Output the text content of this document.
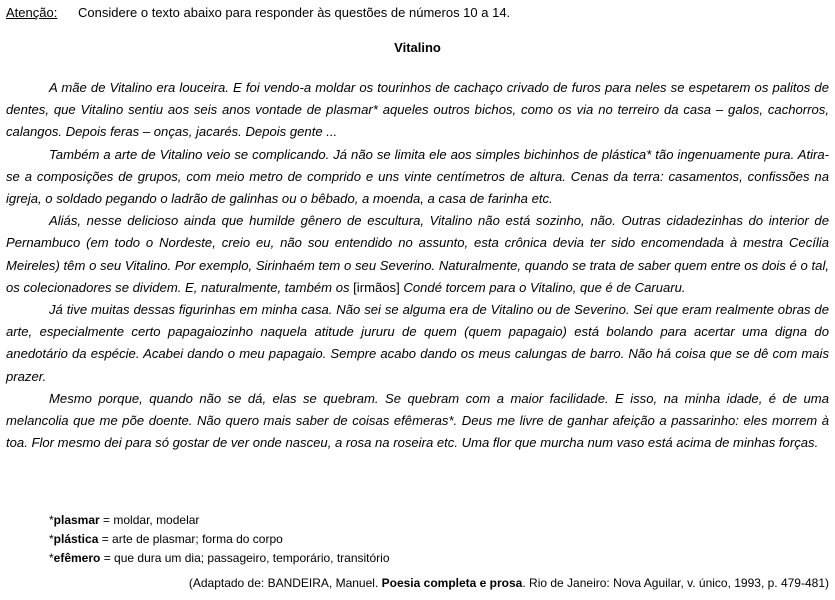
Atenção: Considere o texto abaixo para responder às questões de números 10 a 14.
Vitalino

A mãe de Vitalino era louceira. E foi vendo-a moldar os tourinhos de cachaço crivado de furos para neles se espetarem os palitos de dentes, que Vitalino sentiu aos seis anos vontade de plasmar* aqueles outros bichos, como os via no terreiro da casa – galos, cachorros, calangos. Depois feras – onças, jacarés. Depois gente ...

Também a arte de Vitalino veio se complicando. Já não se limita ele aos simples bichinhos de plástica* tão ingenuamente pura. Atira-se a composições de grupos, com meio metro de comprido e uns vinte centímetros de altura. Cenas da terra: casamentos, confissões na igreja, o soldado pegando o ladrão de galinhas ou o bêbado, a moenda, a casa de farinha etc.

Aliás, nesse delicioso ainda que humilde gênero de escultura, Vitalino não está sozinho, não. Outras cidadezinhas do interior de Pernambuco (em todo o Nordeste, creio eu, não sou entendido no assunto, esta crônica devia ter sido encomendada à mestra Cecília Meireles) têm o seu Vitalino. Por exemplo, Sirinhaém tem o seu Severino. Naturalmente, quando se trata de saber quem entre os dois é o tal, os colecionadores se dividem. E, naturalmente, também os [irmãos] Condé torcem para o Vitalino, que é de Caruaru.

Já tive muitas dessas figurinhas em minha casa. Não sei se alguma era de Vitalino ou de Severino. Sei que eram realmente obras de arte, especialmente certo papagaiozinho naquela atitude jururu de quem (quem papagaio) está bolando para acertar uma digna do anedotário da espécie. Acabei dando o meu papagaio. Sempre acabo dando os meus calungas de barro. Não há coisa que se dê com mais prazer.

Mesmo porque, quando não se dá, elas se quebram. Se quebram com a maior facilidade. E isso, na minha idade, é de uma melancolia que me põe doente. Não quero mais saber de coisas efêmeras*. Deus me livre de ganhar afeição a passarinho: eles morrem à toa. Flor mesmo dei para só gostar de ver onde nasceu, a rosa na roseira etc. Uma flor que murcha num vaso está acima de minhas forças.

*plasmar = moldar, modelar
*plástica = arte de plasmar; forma do corpo
*efêmero = que dura um dia; passageiro, temporário, transitório
(Adaptado de: BANDEIRA, Manuel. Poesia completa e prosa. Rio de Janeiro: Nova Aguilar, v. único, 1993, p. 479-481)
